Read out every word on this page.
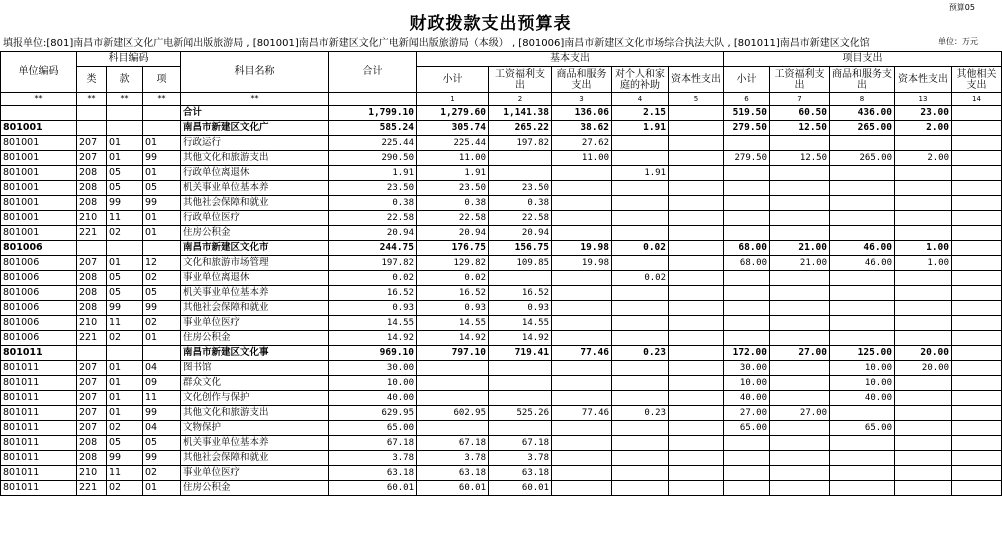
预算05
财政拨款支出预算表
填报单位:[801]南昌市新建区文化广电新闻出版旅游局 , [801001]南昌市新建区文化广电新闻出版旅游局（本级） , [801006]南昌市新建区文化市场综合执法大队 , [801011]南昌市新建区文化馆	单位：万元
单位编码	科目编码			科目名称	合计	基本支出					项目支出				
	类	款	项			小计	工资福利支出	商品和服务支出	对个人和家庭的补助	资本性支出	小计	工资福利支出	商品和服务支出	资本性支出	其他相关支出
**	**	**	**	**		1	2	3	4	5	6	7	8	13	14
				合计	1,799.10	1,279.60	1,141.38	136.06	2.15		519.50	60.50	436.00	23.00	
801001				南昌市新建区文化广	585.24	305.74	265.22	38.62	1.91		279.50	12.50	265.00	2.00	
801001	207	01	01	行政运行	225.44	225.44	197.82	27.62							
801001	207	01	99	其他文化和旅游支出	290.50	11.00		11.00			279.50	12.50	265.00	2.00	
801001	208	05	01	行政单位离退休	1.91	1.91			1.91						
801001	208	05	05	机关事业单位基本养	23.50	23.50	23.50								
801001	208	99	99	其他社会保障和就业	0.38	0.38	0.38								
801001	210	11	01	行政单位医疗	22.58	22.58	22.58								
801001	221	02	01	住房公积金	20.94	20.94	20.94								
801006				南昌市新建区文化市	244.75	176.75	156.75	19.98	0.02		68.00	21.00	46.00	1.00	
801006	207	01	12	文化和旅游市场管理	197.82	129.82	109.85	19.98			68.00	21.00	46.00	1.00	
801006	208	05	02	事业单位离退休	0.02	0.02			0.02						
801006	208	05	05	机关事业单位基本养	16.52	16.52	16.52								
801006	208	99	99	其他社会保障和就业	0.93	0.93	0.93								
801006	210	11	02	事业单位医疗	14.55	14.55	14.55								
801006	221	02	01	住房公积金	14.92	14.92	14.92								
801011				南昌市新建区文化事	969.10	797.10	719.41	77.46	0.23		172.00	27.00	125.00	20.00	
801011	207	01	04	图书馆	30.00						30.00		10.00	20.00	
801011	207	01	09	群众文化	10.00						10.00		10.00		
801011	207	01	11	文化创作与保护	40.00						40.00		40.00		
801011	207	01	99	其他文化和旅游支出	629.95	602.95	525.26	77.46	0.23		27.00	27.00			
801011	207	02	04	文物保护	65.00						65.00		65.00		
801011	208	05	05	机关事业单位基本养	67.18	67.18	67.18								
801011	208	99	99	其他社会保障和就业	3.78	3.78	3.78								
801011	210	11	02	事业单位医疗	63.18	63.18	63.18								
801011	221	02	01	住房公积金	60.01	60.01	60.01								
